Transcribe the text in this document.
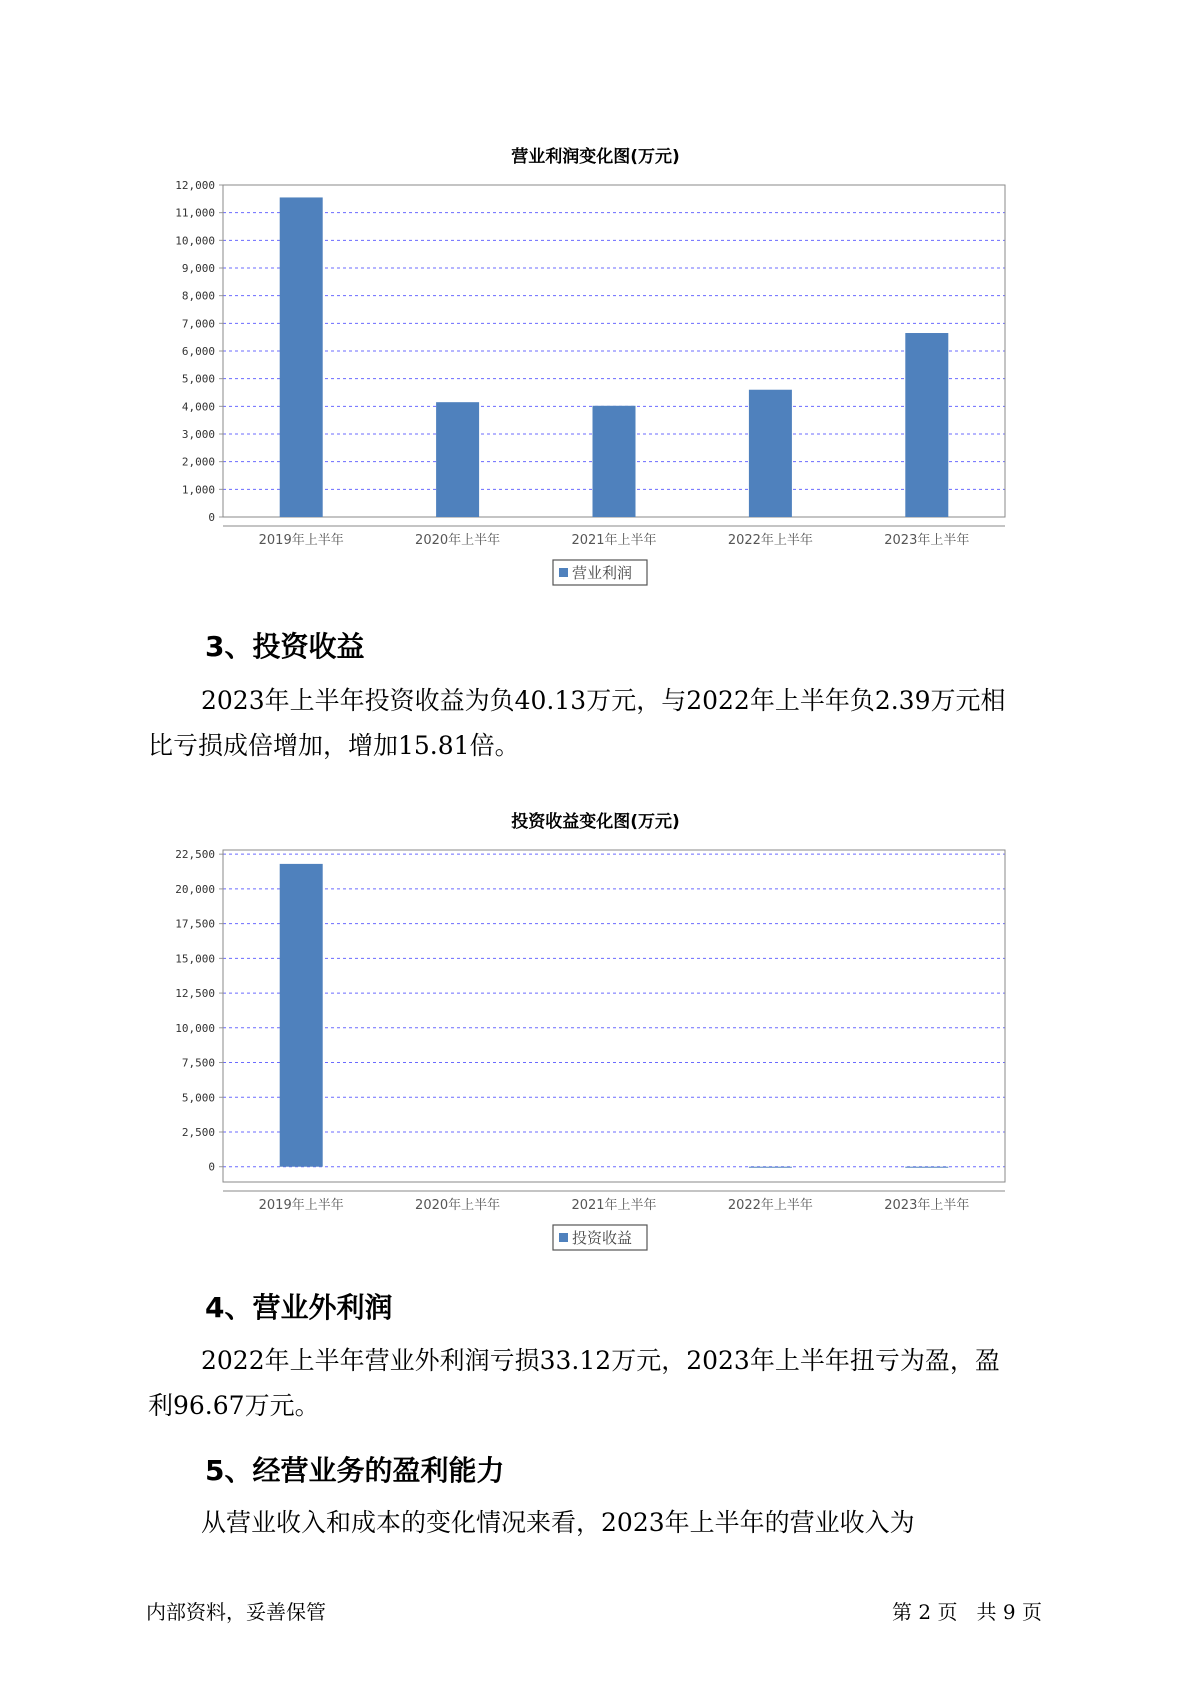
营业利润变化图(万元)
0
1,000
2,000
3,000
4,000
5,000
6,000
7,000
8,000
9,000
10,000
11,000
12,000
2019年上半年	2020年上半年	2021年上半年	2022年上半年	2023年上半年
营业利润
3、投资收益

2023年上半年投资收益为负40.13万元，与2022年上半年负2.39万元相
比亏损成倍增加，增加15.81倍。

投资收益变化图(万元)
0
2,500
5,000
7,500
10,000
12,500
15,000
17,500
20,000
22,500
2019年上半年	2020年上半年	2021年上半年	2022年上半年	2023年上半年
投资收益
4、营业外利润

2022年上半年营业外利润亏损33.12万元，2023年上半年扭亏为盈，盈
利96.67万元。

5、经营业务的盈利能力

从营业收入和成本的变化情况来看，2023年上半年的营业收入为

内部资料，妥善保管	第 2 页   共 9 页
